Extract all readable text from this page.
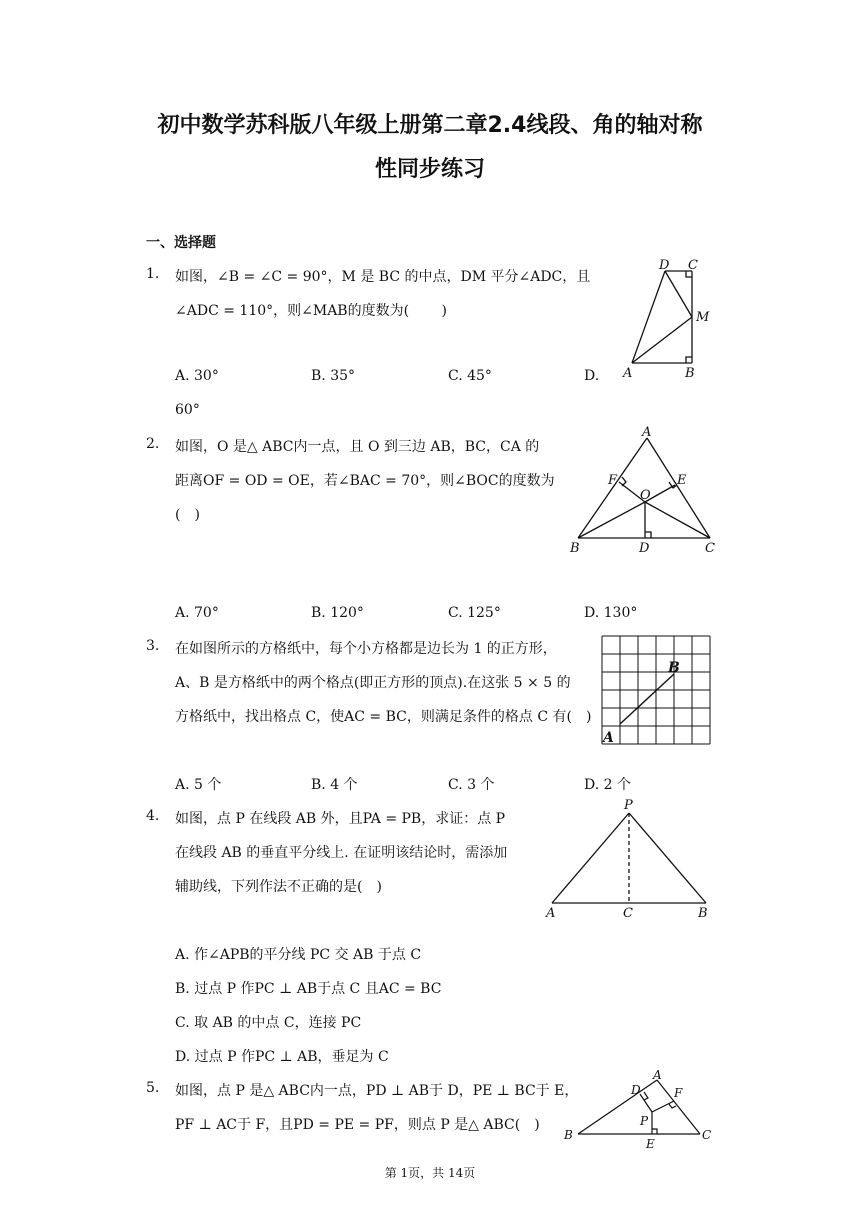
初中数学苏科版八年级上册第二章2.4线段、角的轴对称
性同步练习
一、选择题
1. 如图，∠B = ∠C = 90°，M 是 BC 的中点，DM 平分∠ADC，且
∠ADC = 110°，则∠MAB的度数为(　　 )
A. 30°	B. 35°	C. 45°	D.
60°
D C
M
A	B
2. 如图，O 是△ ABC内一点，且 O 到三边 AB，BC，CA 的
距离OF = OD = OE，若∠BAC = 70°，则∠BOC的度数为
(　)
A. 70°	B. 120°	C. 125°	D. 130°
A
F	E
O
B	D	C
3. 在如图所示的方格纸中，每个小方格都是边长为 1 的正方形，
A、B 是方格纸中的两个格点(即正方形的顶点).在这张 5 × 5 的
方格纸中，找出格点 C，使AC = BC，则满足条件的格点 C 有(　)
A. 5 个	B. 4 个	C. 3 个	D. 2 个
A
B
4. 如图，点 P 在线段 AB 外，且PA = PB，求证：点 P
在线段 AB 的垂直平分线上. 在证明该结论时，需添加
辅助线，下列作法不正确的是(　)
A. 作∠APB的平分线 PC 交 AB 于点 C
B. 过点 P 作PC ⊥ AB于点 C 且AC = BC
C. 取 AB 的中点 C，连接 PC
D. 过点 P 作PC ⊥ AB，垂足为 C
P
A	C	B
5. 如图，点 P 是△ ABC内一点，PD ⊥ AB于 D，PE ⊥ BC于 E，
PF ⊥ AC于 F，且PD = PE = PF，则点 P 是△ ABC(　)
A
D	F
P
B
E
C
第 1页，共 14页
